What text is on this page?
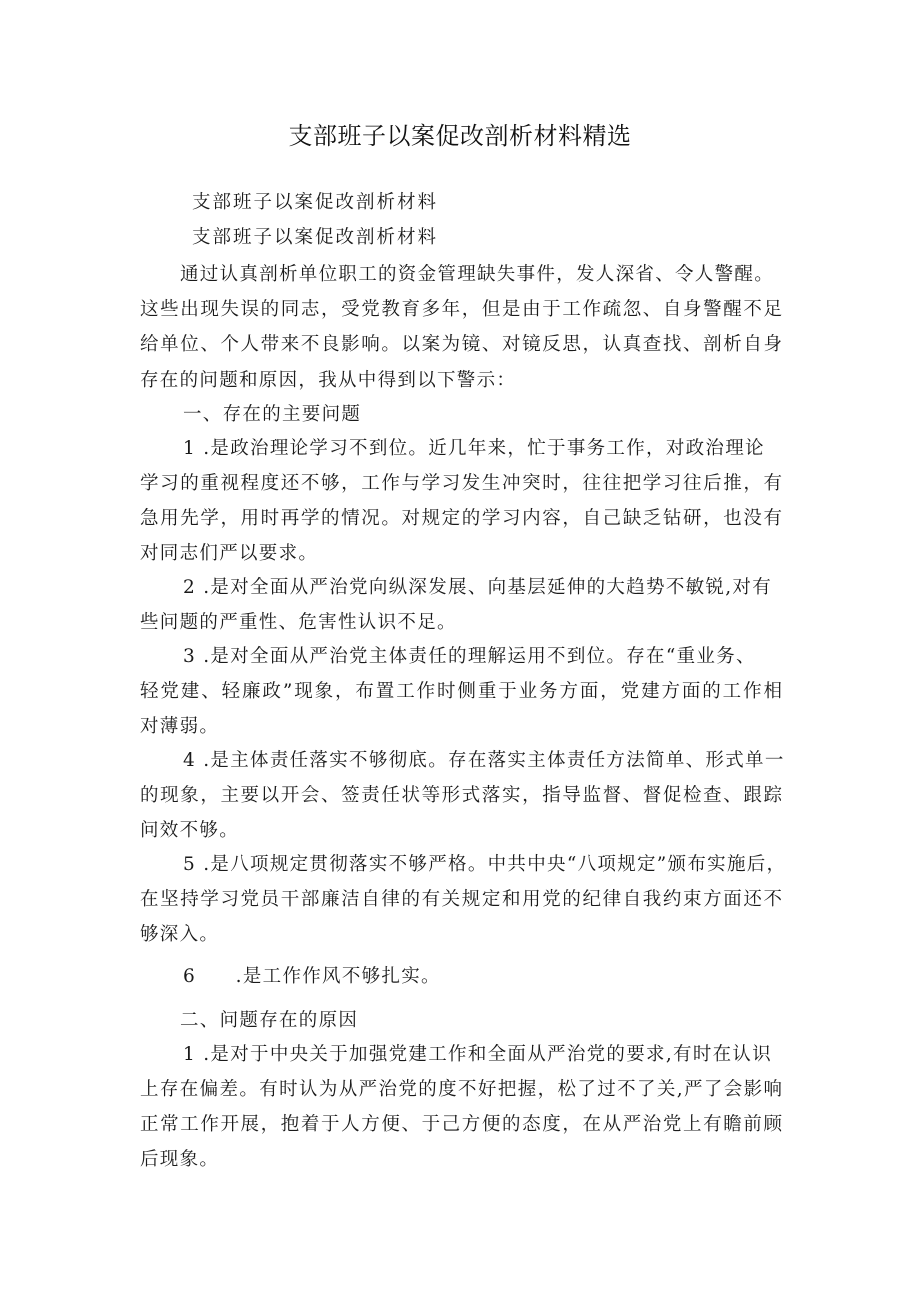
支部班子以案促改剖析材料精选
支部班子以案促改剖析材料
支部班子以案促改剖析材料
通过认真剖析单位职工的资金管理缺失事件，发人深省、令人警醒。
这些出现失误的同志，受党教育多年，但是由于工作疏忽、自身警醒不足
给单位、个人带来不良影响。以案为镜、对镜反思，认真查找、剖析自身
存在的问题和原因，我从中得到以下警示：
一、存在的主要问题
1 .是政治理论学习不到位。近几年来，忙于事务工作，对政治理论
学习的重视程度还不够，工作与学习发生冲突时，往往把学习往后推，有
急用先学，用时再学的情况。对规定的学习内容，自己缺乏钻研，也没有
对同志们严以要求。
2 .是对全面从严治党向纵深发展、向基层延伸的大趋势不敏锐,对有
些问题的严重性、危害性认识不足。
3 .是对全面从严治党主体责任的理解运用不到位。存在“重业务、
轻党建、轻廉政”现象，布置工作时侧重于业务方面，党建方面的工作相
对薄弱。
4 .是主体责任落实不够彻底。存在落实主体责任方法简单、形式单一
的现象，主要以开会、签责任状等形式落实，指导监督、督促检查、跟踪
问效不够。
5 .是八项规定贯彻落实不够严格。中共中央“八项规定”颁布实施后，
在坚持学习党员干部廉洁自律的有关规定和用党的纪律自我约束方面还不
够深入。
6　　.是工作作风不够扎实。
二、问题存在的原因
1 .是对于中央关于加强党建工作和全面从严治党的要求,有时在认识
上存在偏差。有时认为从严治党的度不好把握，松了过不了关,严了会影响
正常工作开展，抱着于人方便、于己方便的态度，在从严治党上有瞻前顾
后现象。
